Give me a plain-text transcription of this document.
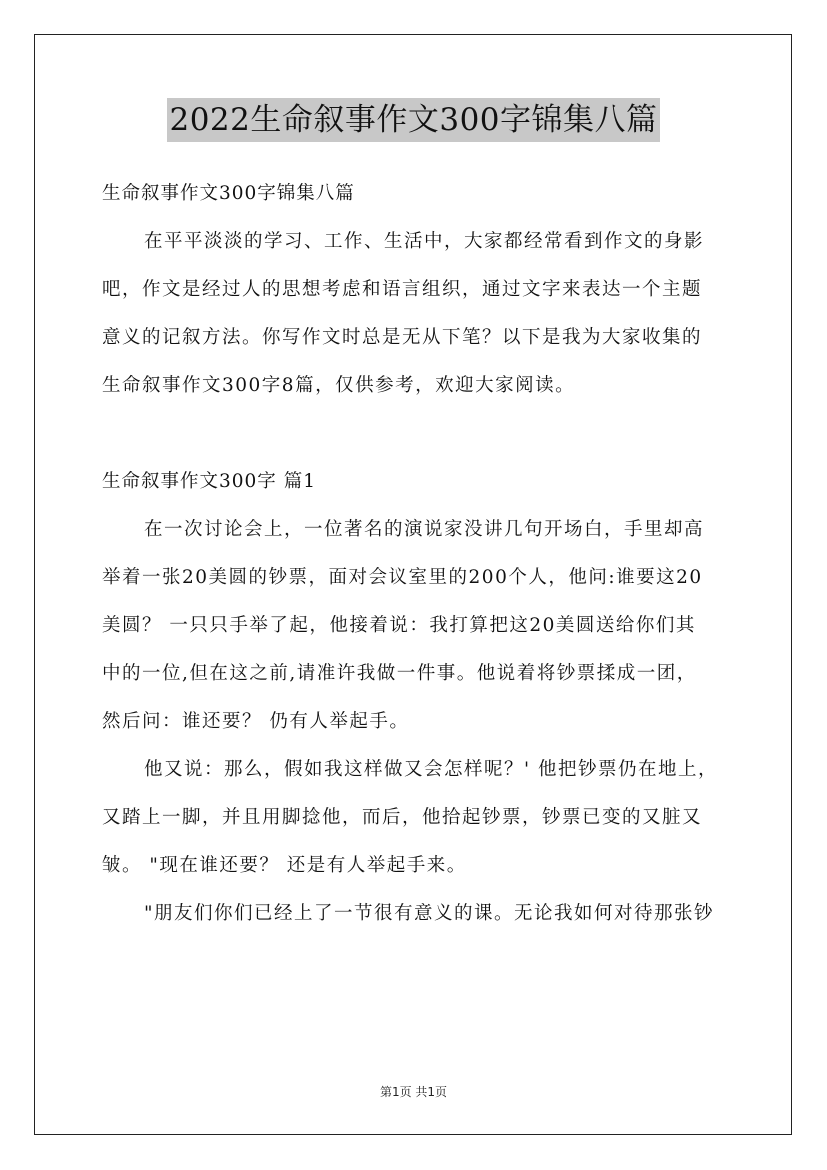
2022生命叙事作文300字锦集八篇
生命叙事作文300字锦集八篇
在平平淡淡的学习、工作、生活中，大家都经常看到作文的身影
吧，作文是经过人的思想考虑和语言组织，通过文字来表达一个主题
意义的记叙方法。你写作文时总是无从下笔？以下是我为大家收集的
生命叙事作文300字8篇，仅供参考，欢迎大家阅读。
生命叙事作文300字 篇1
在一次讨论会上，一位著名的演说家没讲几句开场白，手里却高
举着一张20美圆的钞票，面对会议室里的200个人，他问:谁要这20
美圆？ 一只只手举了起，他接着说：我打算把这20美圆送给你们其
中的一位,但在这之前,请准许我做一件事。他说着将钞票揉成一团，
然后问：谁还要？ 仍有人举起手。
他又说：那么，假如我这样做又会怎样呢？' 他把钞票仍在地上，
又踏上一脚，并且用脚捻他，而后，他拾起钞票，钞票已变的又脏又
皱。 "现在谁还要？ 还是有人举起手来。
"朋友们你们已经上了一节很有意义的课。无论我如何对待那张钞
第1页 共1页
